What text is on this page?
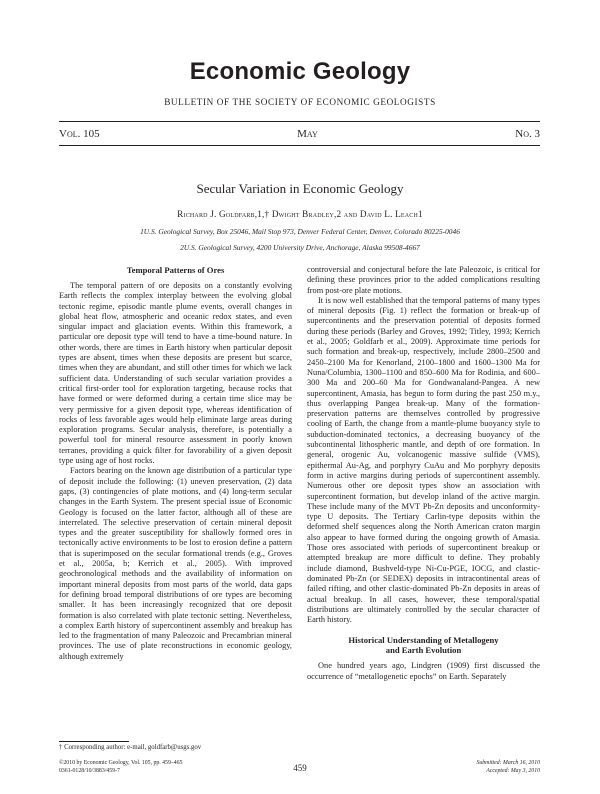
Economic Geology
BULLETIN OF THE SOCIETY OF ECONOMIC GEOLOGISTS
Vol. 105	May	No. 3
Secular Variation in Economic Geology
Richard J. Goldfarb,1,† Dwight Bradley,2 and David L. Leach1
1U.S. Geological Survey, Box 25046, Mail Stop 973, Denver Federal Center, Denver, Colorado 80225-0046
2U.S. Geological Survey, 4200 University Drive, Anchorage, Alaska 99508-4667
Temporal Patterns of Ores

The temporal pattern of ore deposits on a constantly evolving Earth reflects the complex interplay between the evolving global tectonic regime, episodic mantle plume events, overall changes in global heat flow, atmospheric and oceanic redox states, and even singular impact and glaciation events. Within this framework, a particular ore deposit type will tend to have a time-bound nature. In other words, there are times in Earth history when particular deposit types are absent, times when these deposits are present but scarce, times when they are abundant, and still other times for which we lack sufficient data. Understanding of such secular variation provides a critical first-order tool for exploration targeting, because rocks that have formed or were deformed during a certain time slice may be very permissive for a given deposit type, whereas identification of rocks of less favorable ages would help eliminate large areas during exploration programs. Secular analysis, therefore, is potentially a powerful tool for mineral resource assessment in poorly known terranes, providing a quick filter for favorability of a given deposit type using age of host rocks.

Factors bearing on the known age distribution of a particular type of deposit include the following: (1) uneven preservation, (2) data gaps, (3) contingencies of plate motions, and (4) long-term secular changes in the Earth System. The present special issue of Economic Geology is focused on the latter factor, although all of these are interrelated. The selective preservation of certain mineral deposit types and the greater susceptibility for shallowly formed ores in tectonically active environments to be lost to erosion define a pattern that is superimposed on the secular formational trends (e.g., Groves et al., 2005a, b; Kerrich et al., 2005). With improved geochronological methods and the availability of information on important mineral deposits from most parts of the world, data gaps for defining broad temporal distributions of ore types are becoming smaller. It has been increasingly recognized that ore deposit formation is also correlated with plate tectonic setting. Nevertheless, a complex Earth history of supercontinent assembly and breakup has led to the fragmentation of many Paleozoic and Precambrian mineral provinces. The use of plate reconstructions in economic geology, although extremely

controversial and conjectural before the late Paleozoic, is critical for defining these provinces prior to the added complications resulting from post-ore plate motions.

It is now well established that the temporal patterns of many types of mineral deposits (Fig. 1) reflect the formation or break-up of supercontinents and the preservation potential of deposits formed during these periods (Barley and Groves, 1992; Titley, 1993; Kerrich et al., 2005; Goldfarb et al., 2009). Approximate time periods for such formation and break-up, respectively, include 2800–2500 and 2450–2100 Ma for Kenorland, 2100–1800 and 1600–1300 Ma for Nuna/Columbia, 1300–1100 and 850–600 Ma for Rodinia, and 600–300 Ma and 200–60 Ma for Gondwanaland-Pangea. A new supercontinent, Amasia, has begun to form during the past 250 m.y., thus overlapping Pangea break-up. Many of the formation-preservation patterns are themselves controlled by progressive cooling of Earth, the change from a mantle-plume buoyancy style to subduction-dominated tectonics, a decreasing buoyancy of the subcontinental lithospheric mantle, and depth of ore formation. In general, orogenic Au, volcanogenic massive sulfide (VMS), epithermal Au-Ag, and porphyry CuAu and Mo porphyry deposits form in active margins during periods of supercontinent assembly. Numerous other ore deposit types show an association with supercontinent formation, but develop inland of the active margin. These include many of the MVT Pb-Zn deposits and unconformity-type U deposits. The Tertiary Carlin-type deposits within the deformed shelf sequences along the North American craton margin also appear to have formed during the ongoing growth of Amasia. Those ores associated with periods of supercontinent breakup or attempted breakup are more difficult to define. They probably include diamond, Bushveld-type Ni-Cu-PGE, IOCG, and clastic-dominated Pb-Zn (or SEDEX) deposits in intracontinental areas of failed rifting, and other clastic-dominated Pb-Zn deposits in areas of actual breakup. In all cases, however, these temporal/spatial distributions are ultimately controlled by the secular character of Earth history.

Historical Understanding of Metallogeny
and Earth Evolution

One hundred years ago, Lindgren (1909) first discussed the occurrence of “metallogenetic epochs” on Earth. Separately

† Corresponding author: e-mail, goldfarb@usgs.gov
©2010 by Economic Geology, Vol. 105, pp. 459–465
0361-0128/10/3883/459-7	459	Submitted: March 16, 2010
Accepted: May 3, 2010
